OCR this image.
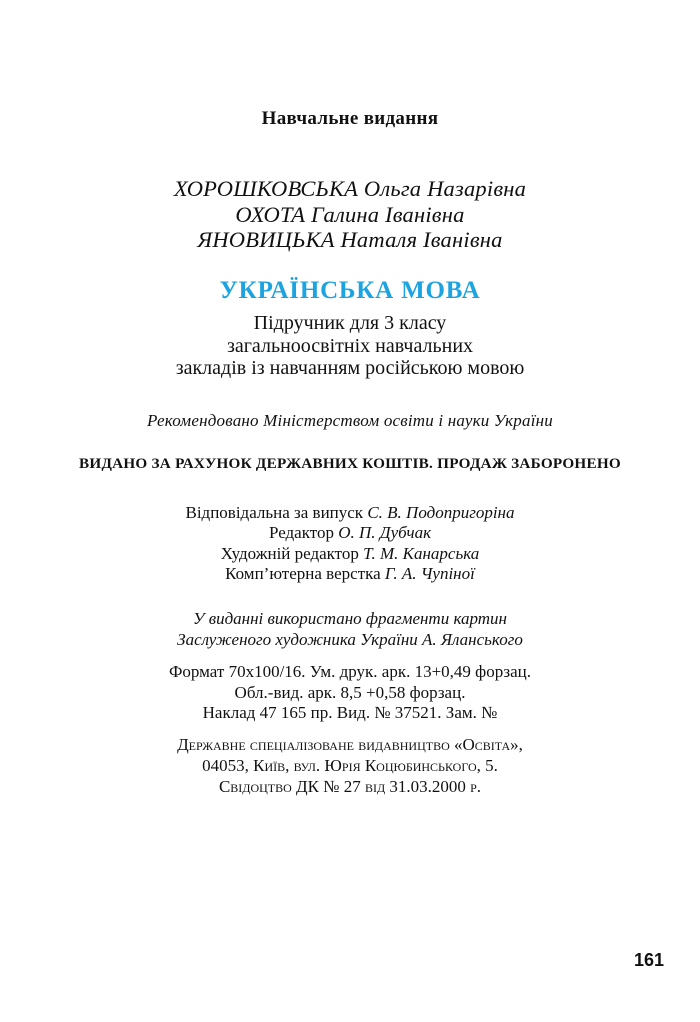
Навчальне видання
ХОРОШКОВСЬКА Ольга Назарівна
ОХОТА Галина Іванівна
ЯНОВИЦЬКА Наталя Іванівна
УКРАЇНСЬКА МОВА
Підручник для 3 класу
загальноосвітніх навчальних
закладів із навчанням російською мовою
Рекомендовано Міністерством освіти і науки України
ВИДАНО ЗА РАХУНОК ДЕРЖАВНИХ КОШТІВ. ПРОДАЖ ЗАБОРОНЕНО
Відповідальна за випуск С. В. Подопригоріна
Редактор О. П. Дубчак
Художній редактор Т. М. Канарська
Комп’ютерна верстка Г. А. Чупіної
У виданні використано фрагменти картин
Заслуженого художника України А. Яланського
Формат 70х100/16. Ум. друк. арк. 13+0,49 форзац.
Обл.-вид. арк. 8,5 +0,58 форзац.
Наклад 47 165 пр. Вид. № 37521. Зам. №
Державне спеціалізоване видавництво «Освіта»,
04053, Київ, вул. Юрія Коцюбинського, 5.
Свідоцтво ДК № 27 від 31.03.2000 р.
161
